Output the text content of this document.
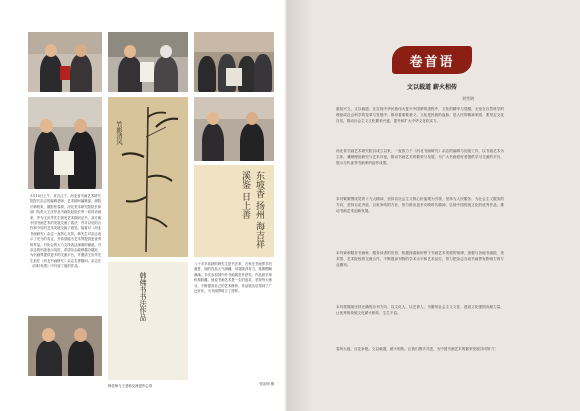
竹影清风
东坡香 扬州 海吉祥 溪鉴 日上善
3月15日上午，来自辽宁、河北省书画艺术研究院院长杂志的编辑老师，艺术顾问编辑部，副院长韩秋来，摄影张春源，河北美术研究院院长和部门负责人王庆华及书画院赵院长等一同拜访画家，并为王庆华先生颁发艺术顾问证书，双方就中国书画艺术的发展交流了看法，并对以后的合作和今后的艺术发展交换了意见。接着对《河北书画研究》杂志一直热心支持，韩先生对杂志表示了充分的肯定，并希望能为艺术界提供更优秀的作品。对协会的大力支持表达深深的谢意，对杂志的出版表示祝贺，希望杂志能够越办越好，为书画界提供更多的交流平台，并邀请王庆华先生担任《河北书画研究》杂志名誉顾问。杂志在《四时有感》中刊登了他的作品。
韩佛书书法作品
八十多岁高龄的韩先生是书法家，石家庄书画界享有盛誉，他的作品大气磅礴，用笔刚劲有力，笔墨酣畅淋漓，多次参加国内外书画展览并获奖，作品被多家机构收藏。他说书画艺术是一生的追求，坚持每天练习，不断提高自己的艺术修养。作品展出后得到了广泛好评，为书画界树立了榜样。
韩老师与王老师交流创作心得	张宪坤 摄
卷首语
文以载道 薪火相传
刘雪明
重拾兴文，文以载道，在实现中华民族伟大复兴中国梦的进程中，文化的精华与觉醒，无论在自然科学的理论或社会科学的变革与发展中，都有着重要意义。文化是民族的血脉，是人民的精神家园，要坚定文化自信，推动社会主义文化繁荣兴盛，提升和扩大中华文化软实力。
河北省书画艺术研究院自成立以来，一直致力于《河北书画研究》杂志的编辑与出版工作，以书画艺术为主体，兼顾理论研究与艺术评论，推动书画艺术的繁荣与发展，为广大书画爱好者提供学习交流的平台，展示当代优秀书画家的创作成果。
本刊紧紧围绕党的十九大精神，坚持以社会主义核心价值观为引领，坚持为人民服务、为社会主义服务的方向，坚持百花齐放、百家争鸣的方针，努力推出更多反映时代精神、弘扬中国传统文化的优秀作品，推动书画艺术创新发展。
本刊秉承服务书画家、服务读者的宗旨，积极探索新形势下书画艺术发展的规律，加强与各地书画院、美术馆、艺术院校的交流合作，不断提高刊物的学术水平和艺术品位，努力把杂志办成书画界有影响力的专业期刊。
本刊将继续坚持正确的办刊方向，以文化人，以艺育人，为繁荣社会主义文化、建设文化强国贡献力量，让优秀的传统文化薪火相传，生生不息。
春风大地，百花争艳。文以载道，薪火相传。让我们携手共进，为中国书画艺术的繁荣发展共同努力！
